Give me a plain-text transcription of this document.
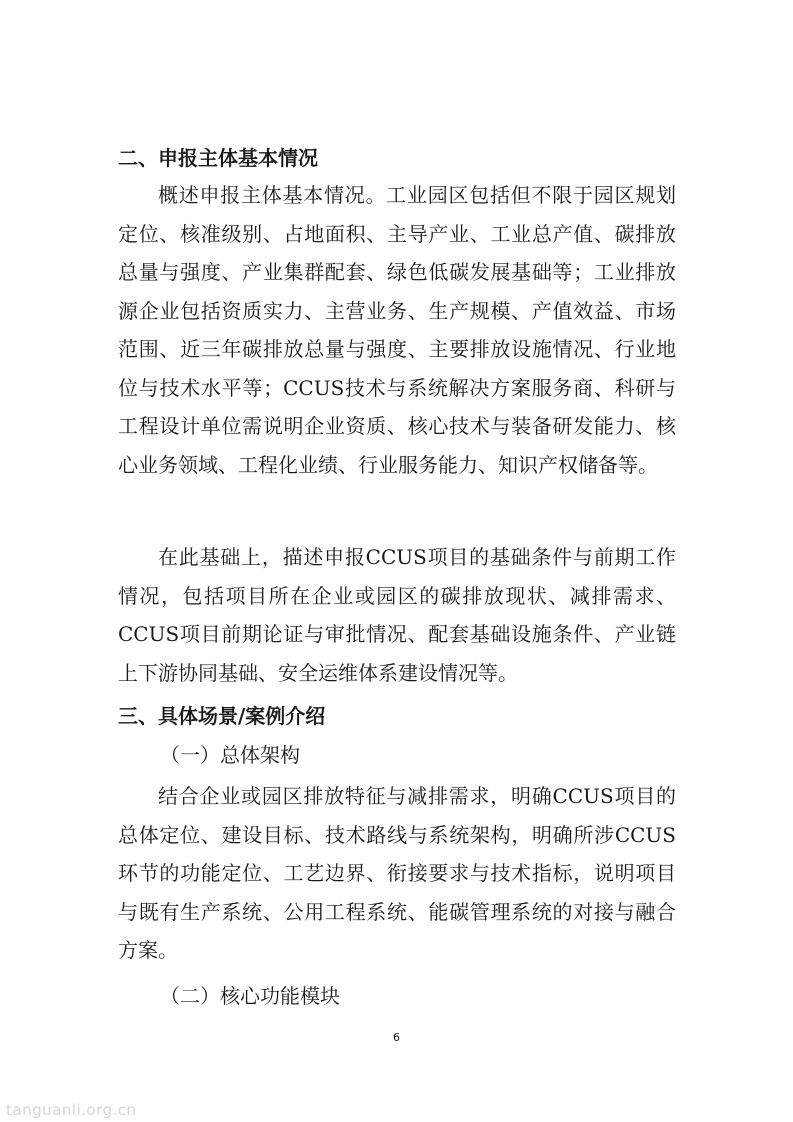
二、申报主体基本情况

概述申报主体基本情况。工业园区包括但不限于园区规划定位、核准级别、占地面积、主导产业、工业总产值、碳排放总量与强度、产业集群配套、绿色低碳发展基础等；工业排放源企业包括资质实力、主营业务、生产规模、产值效益、市场范围、近三年碳排放总量与强度、主要排放设施情况、行业地位与技术水平等；CCUS技术与系统解决方案服务商、科研与工程设计单位需说明企业资质、核心技术与装备研发能力、核心业务领域、工程化业绩、行业服务能力、知识产权储备等。

在此基础上，描述申报CCUS项目的基础条件与前期工作情况，包括项目所在企业或园区的碳排放现状、减排需求、CCUS项目前期论证与审批情况、配套基础设施条件、产业链上下游协同基础、安全运维体系建设情况等。

三、具体场景/案例介绍
（一）总体架构

结合企业或园区排放特征与减排需求，明确CCUS项目的总体定位、建设目标、技术路线与系统架构，明确所涉CCUS环节的功能定位、工艺边界、衔接要求与技术指标，说明项目与既有生产系统、公用工程系统、能碳管理系统的对接与融合方案。

（二）核心功能模块
6
tanguanli.org.cn
